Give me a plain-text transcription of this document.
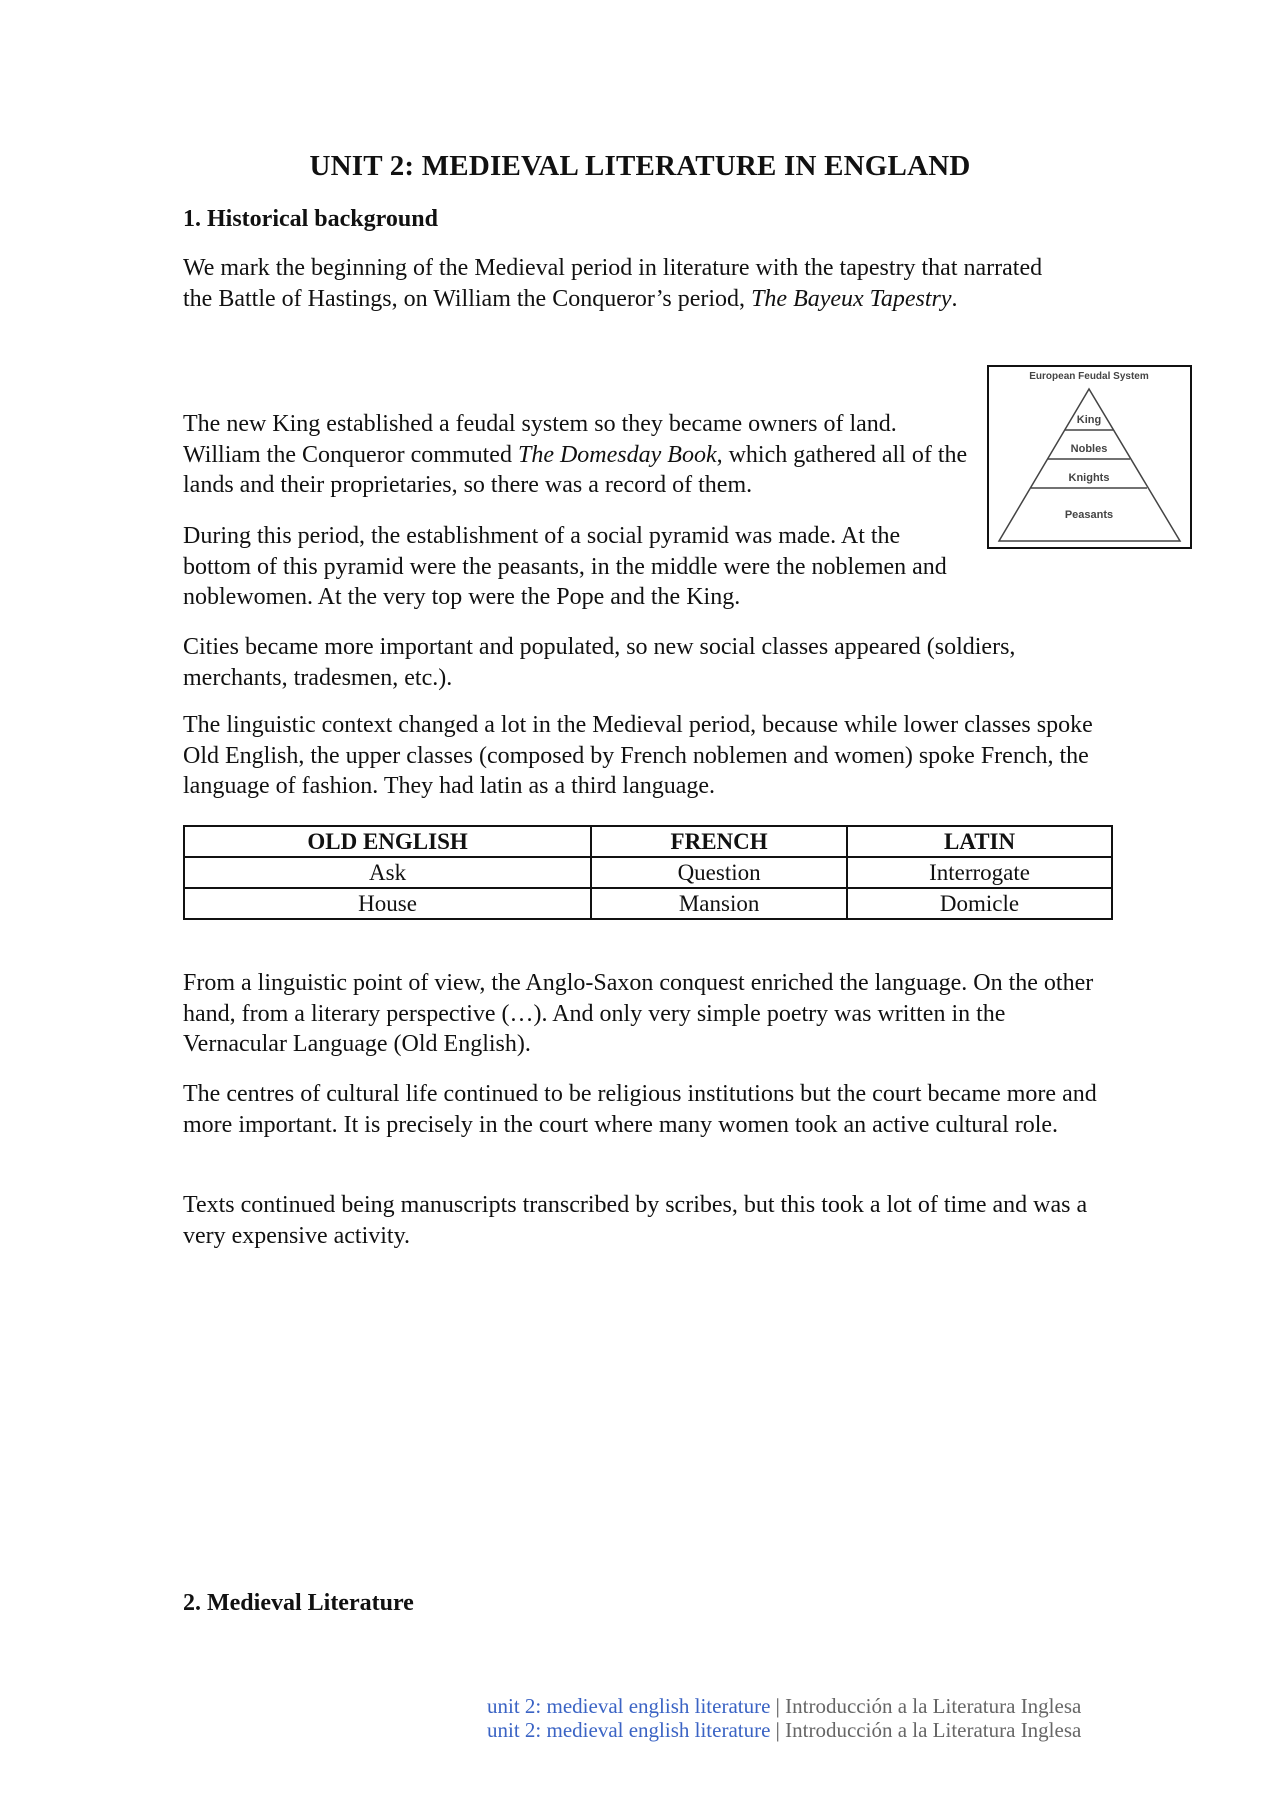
UNIT 2: MEDIEVAL LITERATURE IN ENGLAND
1. Historical background

We mark the beginning of the Medieval period in literature with the tapestry that narrated the Battle of Hastings, on William the Conqueror’s period, The Bayeux Tapestry.

The new King established a feudal system so they became owners of land. William the Conqueror commuted The Domesday Book, which gathered all of the lands and their proprietaries, so there was a record of them.

European Feudal System
King
Nobles
Knights
Peasants

During this period, the establishment of a social pyramid was made. At the bottom of this pyramid were the peasants, in the middle were the noblemen and noblewomen. At the very top were the Pope and the King.

Cities became more important and populated, so new social classes appeared (soldiers, merchants, tradesmen, etc.).

The linguistic context changed a lot in the Medieval period, because while lower classes spoke Old English, the upper classes (composed by French noblemen and women) spoke French, the language of fashion. They had latin as a third language.

OLD ENGLISH	FRENCH	LATIN
Ask	Question	Interrogate
House	Mansion	Domicle

From a linguistic point of view, the Anglo-Saxon conquest enriched the language. On the other hand, from a literary perspective (…). And only very simple poetry was written in the Vernacular Language (Old English).

The centres of cultural life continued to be religious institutions but the court became more and more important. It is precisely in the court where many women took an active cultural role.

Texts continued being manuscripts transcribed by scribes, but this took a lot of time and was a very expensive activity.

2. Medieval Literature
unit 2: medieval english literature | Introducción a la Literatura Inglesa
unit 2: medieval english literature | Introducción a la Literatura Inglesa
